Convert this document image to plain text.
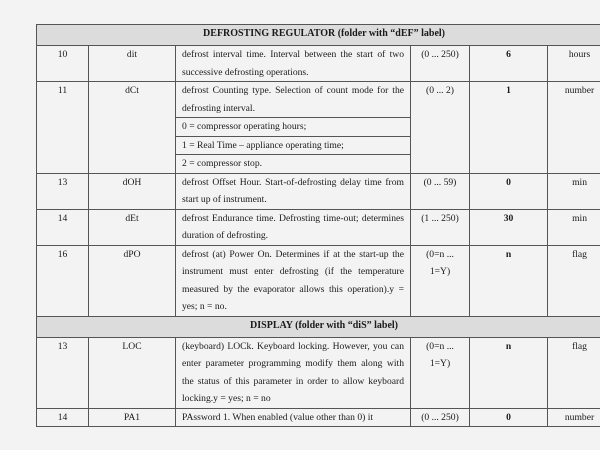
DEFROSTING REGULATOR (folder with “dEF” label)					
10	dit	defrost interval time. Interval between the start of two successive defrosting operations.	(0 ... 250)	6	hours
11	dCt	defrost Counting type. Selection of count mode for the defrosting interval.	(0 ... 2)	1	number
		0 = compressor operating hours;			
		1 = Real Time – appliance operating time;			
		2 = compressor stop.			
13	dOH	defrost Offset Hour. Start-of-defrosting delay time from start up of instrument.	(0 ... 59)	0	min
14	dEt	defrost Endurance time. Defrosting time-out; determines duration of defrosting.	(1 ... 250)	30	min
16	dPO	defrost (at) Power On. Determines if at the start-up the instrument must enter defrosting (if the temperature measured by the evaporator allows this operation).y = yes; n = no.	(0=n ... 1=Y)	n	flag
DISPLAY (folder with “diS” label)					
13	LOC	(keyboard) LOCk. Keyboard locking. However, you can enter parameter programming modify them along with the status of this parameter in order to allow keyboard locking.y = yes; n = no	(0=n ... 1=Y)	n	flag
14	PA1	PAssword 1. When enabled (value other than 0) it	(0 ... 250)	0	number
